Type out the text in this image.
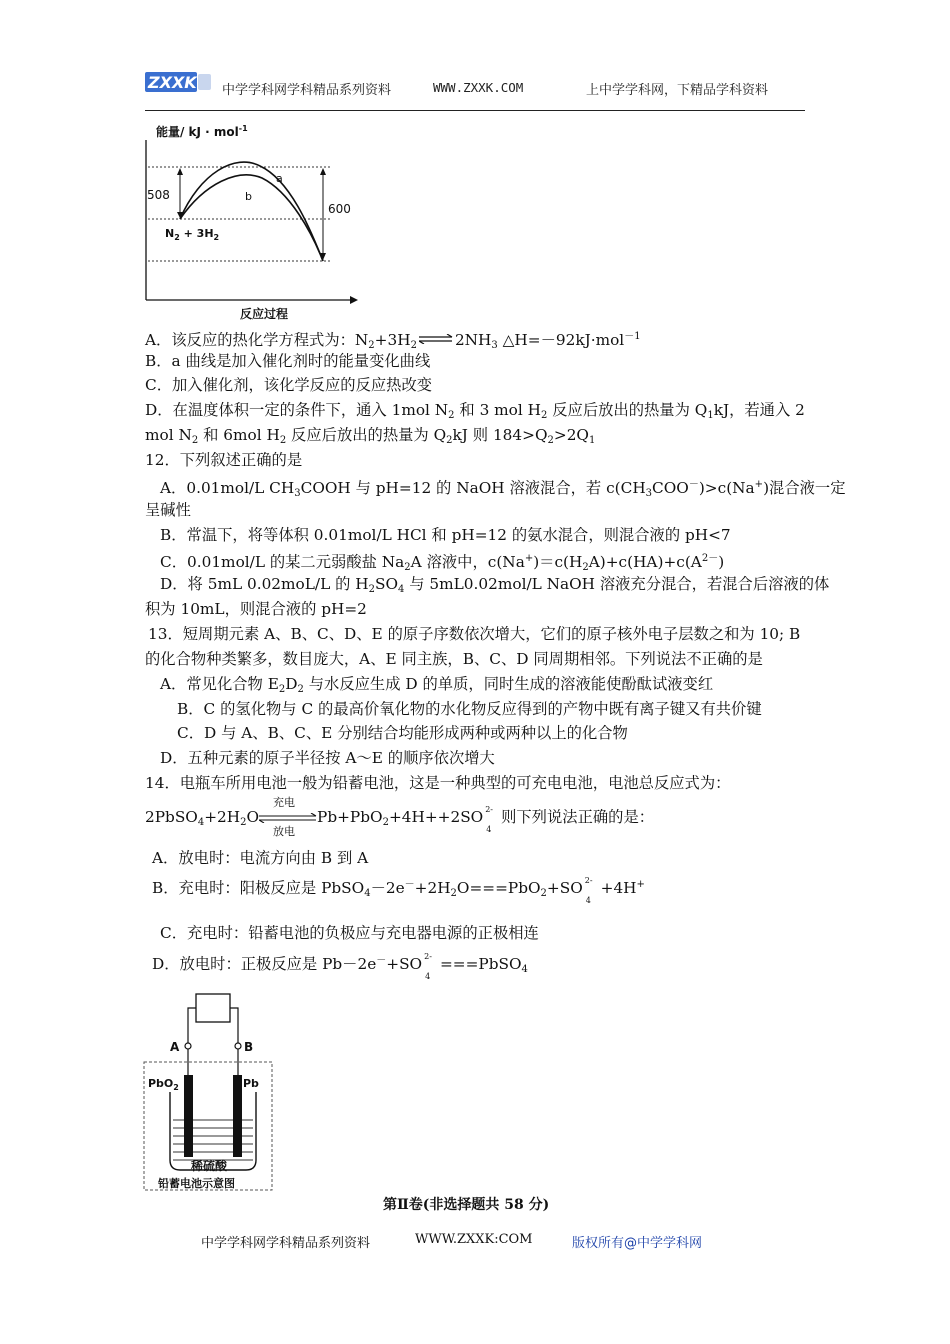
ZXXK 中学学科网学科精品系列资料	WWW.ZXXK.COM	上中学学科网，下精品学科资料
能量/ kJ · mol$^{-1}$
508
600
a
b
$N_2 + 3H_2$
反应过程
A．该反应的热化学方程式为：$N_2+3H_2$ ⇌ $2NH_3$ △H=－92kJ·mol$^{-1}$
B．a 曲线是加入催化剂时的能量变化曲线
C．加入催化剂，该化学反应的反应热改变
D．在温度体积一定的条件下，通入 1mol $N_2$ 和 3 mol $H_2$ 反应后放出的热量为 $Q_1kJ$，若通入 2
mol $N_2$ 和 6mol $H_2$ 反应后放出的热量为 $Q_2kJ$ 则 $184>Q_2>2Q_1$
12．下列叙述正确的是
A．0.01mol/L $CH_3COOH$ 与 pH=12 的 NaOH 溶液混合，若 $c(CH_3COO^-)>c(Na^+)$混合液一定
呈碱性
B．常温下，将等体积 0.01mol/L HCl 和 pH=12 的氨水混合，则混合液的 pH<7
C．0.01mol/L 的某二元弱酸盐 $Na_2A$ 溶液中，$c(Na^+)=c(H_2A)+c(HA)+c(A^{2-})$
D．将 5mL 0.02moL/L 的 $H_2SO_4$ 与 5mL0.02mol/L NaOH 溶液充分混合，若混合后溶液的体
积为 10mL，则混合液的 pH=2
13．短周期元素 A、B、C、D、E 的原子序数依次增大，它们的原子核外电子层数之和为 10; B
的化合物种类繁多，数目庞大，A、E 同主族，B、C、D 同周期相邻。下列说法不正确的是
A．常见化合物 $E_2D_2$ 与水反应生成 D 的单质，同时生成的溶液能使酚酞试液变红
B．C 的氢化物与 C 的最高价氧化物的水化物反应得到的产物中既有离子键又有共价键
C．D 与 A、B、C、E 分别结合均能形成两种或两种以上的化合物
D．五种元素的原子半径按 A～E 的顺序依次增大
14．电瓶车所用电池一般为铅蓄电池，这是一种典型的可充电电池，电池总反应式为：
$2PbSO_4+2H_2O$
充电
放电
Pb+PbO$_2$+4H++2SO 2-
4
则下列说法正确的是：
A．放电时：电流方向由 B 到 A
B．充电时：阳极反应是 $PbSO_4-2e^-+2H_2O===PbO_2+SO$ 2-
4
+4H+
C．充电时：铅蓄电池的负极应与充电器电源的正极相连
D．放电时：正极反应是 Pb－2e－+SO 2-
4
===PbSO$_4$
A	B
PbO$_2$	Pb
稀硫酸
铅蓄电池示意图
第Ⅱ卷(非选择题共 58 分)
中学学科网学科精品系列资料	WWW.ZXXK:COM	版权所有@中学学科网
